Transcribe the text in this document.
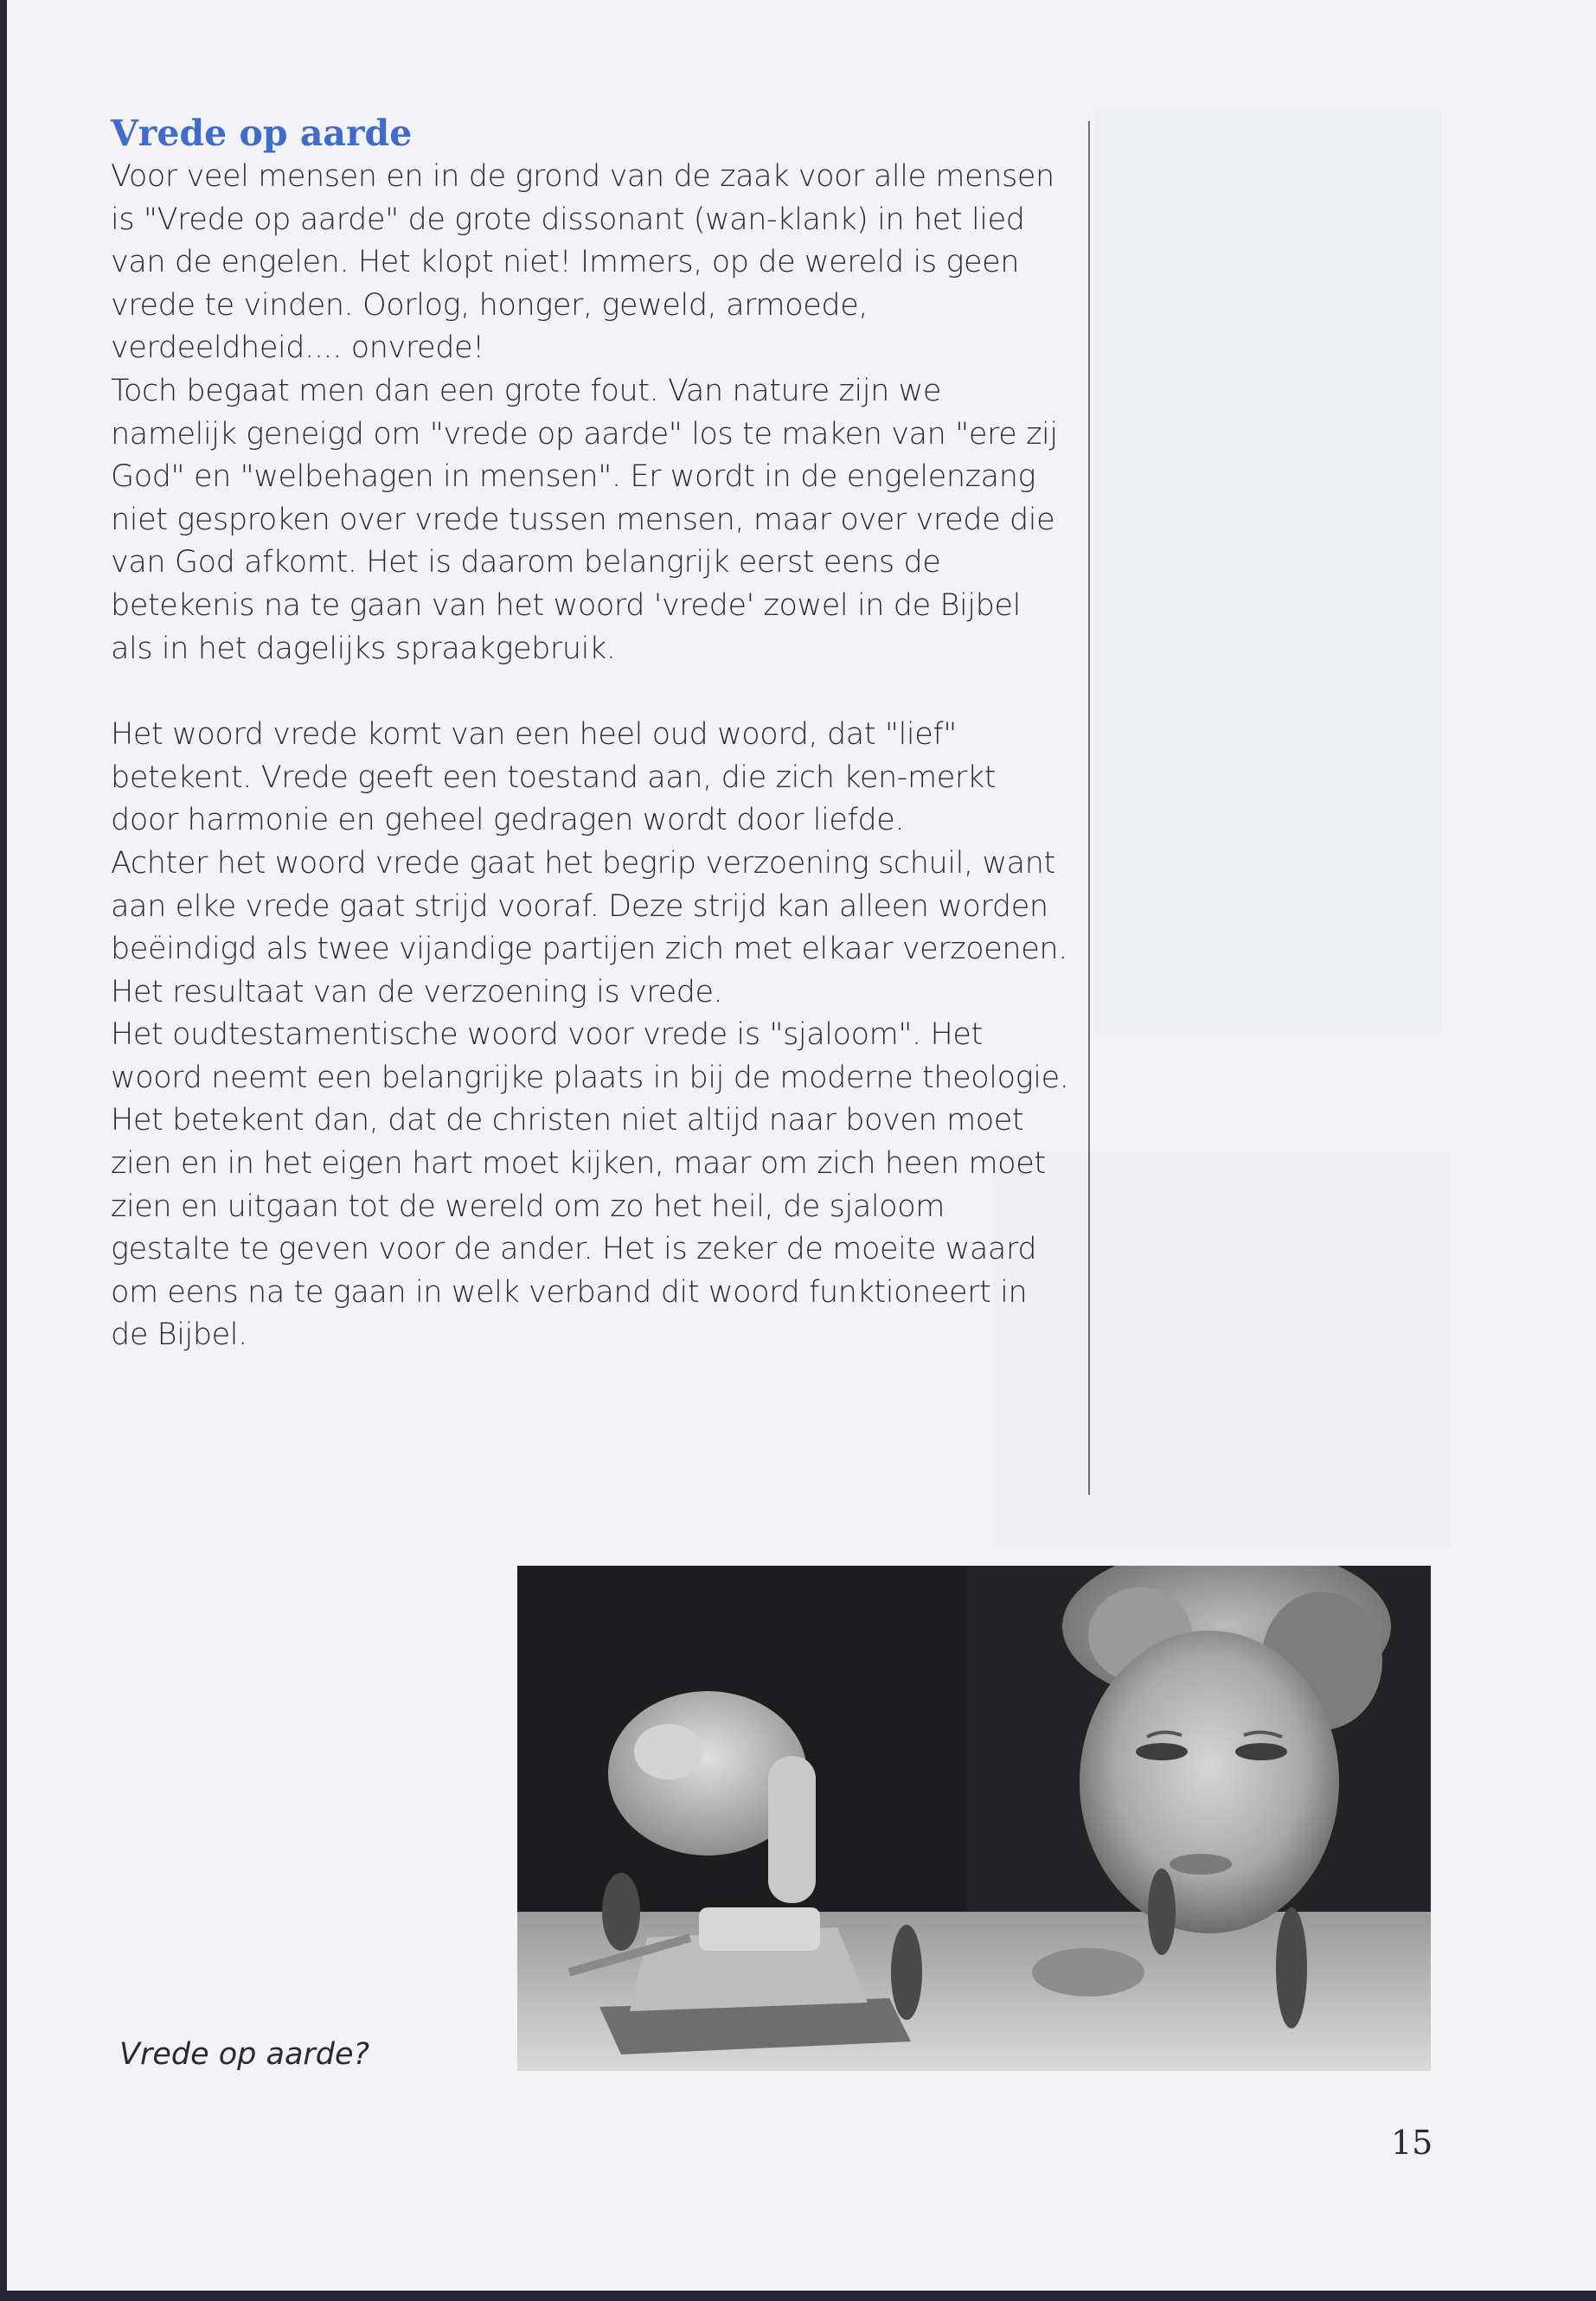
Vrede op aarde

Voor veel mensen en in de grond van de zaak voor alle mensen is "Vrede op aarde" de grote dissonant (wan-klank) in het lied van de engelen. Het klopt niet! Immers, op de wereld is geen vrede te vinden. Oorlog, honger, geweld, armoede, verdeeldheid.... onvrede!

Toch begaat men dan een grote fout. Van nature zijn we namelijk geneigd om "vrede op aarde" los te maken van "ere zij God" en "welbehagen in mensen". Er wordt in de engelenzang niet gesproken over vrede tussen mensen, maar over vrede die van God afkomt. Het is daarom belangrijk eerst eens de betekenis na te gaan van het woord 'vrede' zowel in de Bijbel als in het dagelijks spraakgebruik.

Het woord vrede komt van een heel oud woord, dat "lief" betekent. Vrede geeft een toestand aan, die zich ken-merkt door harmonie en geheel gedragen wordt door liefde.

Achter het woord vrede gaat het begrip verzoening schuil, want aan elke vrede gaat strijd vooraf. Deze strijd kan alleen worden beëindigd als twee vijandige partijen zich met elkaar verzoenen. Het resultaat van de verzoening is vrede.

Het oudtestamentische woord voor vrede is "sjaloom". Het woord neemt een belangrijke plaats in bij de moderne theologie. Het betekent dan, dat de christen niet altijd naar boven moet zien en in het eigen hart moet kijken, maar om zich heen moet zien en uitgaan tot de wereld om zo het heil, de sjaloom gestalte te geven voor de ander. Het is zeker de moeite waard om eens na te gaan in welk verband dit woord funktioneert in de Bijbel.

Vrede op aarde?
15
